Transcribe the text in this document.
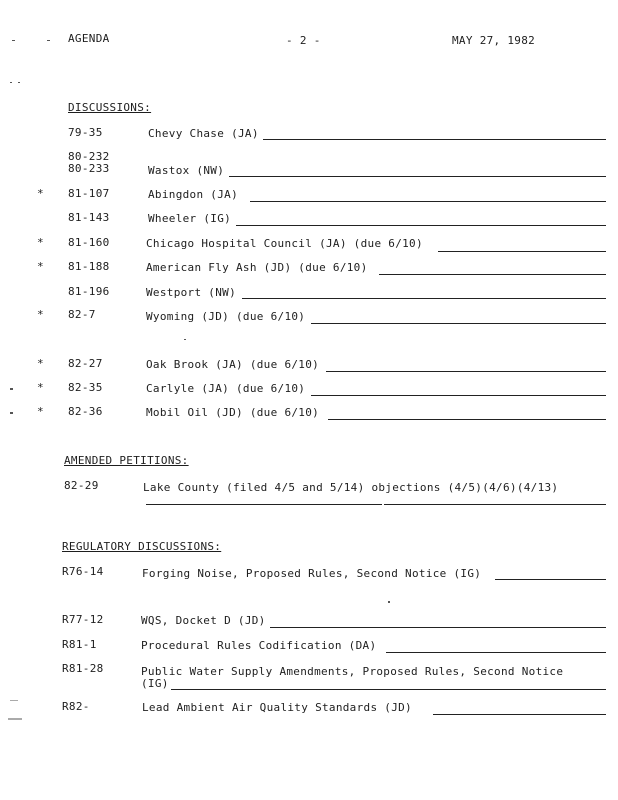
AGENDA	- 2 -	MAY 27, 1982
DISCUSSIONS:
79-35	Chevy Chase (JA)
80-232
80-233	Wastox (NW)
* 81-107	Abingdon (JA)
81-143	Wheeler (IG)
* 81-160	Chicago Hospital Council (JA) (due 6/10)
* 81-188	American Fly Ash (JD) (due 6/10)
81-196	Westport (NW)
* 82-7	Wyoming (JD) (due 6/10)
* 82-27	Oak Brook (JA) (due 6/10)
* 82-35	Carlyle (JA) (due 6/10)
* 82-36	Mobil Oil (JD) (due 6/10)
AMENDED PETITIONS:
82-29	Lake County (filed 4/5 and 5/14) objections (4/5)(4/6)(4/13)
REGULATORY DISCUSSIONS:
R76-14	Forging Noise, Proposed Rules, Second Notice (IG)
R77-12	WQS, Docket D (JD)
R81-1	Procedural Rules Codification (DA)
R81-28	Public Water Supply Amendments, Proposed Rules, Second Notice
(IG)
R82-	Lead Ambient Air Quality Standards (JD)
